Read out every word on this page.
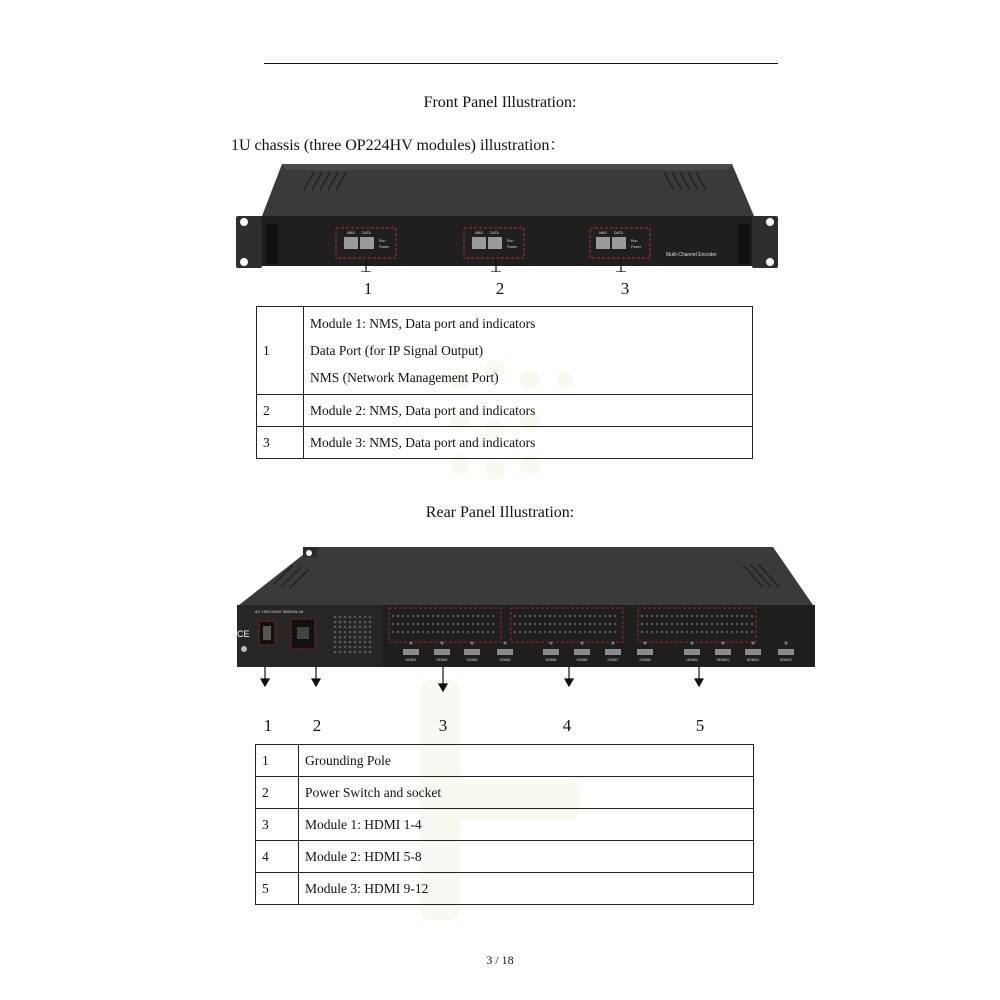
Front Panel Illustration:
1U chassis (three OP224HV modules) illustration：
NMS DATA
Run
Power
NMS DATA
Run
Power
NMS DATA
Run
Power
Multi-Channel Encoder
1	2	3
1	Module 1: NMS, Data port and indicators
Data Port (for IP Signal Output)
NMS (Network Management Port)

2	Module 2: NMS, Data port and indicators
3	Module 3: NMS, Data port and indicators
Rear Panel Illustration:
AC 100V-240V 50/60Hz 2A
CE
HDMI1	HDMI2	HDMI3	HDMI4	HDMI5	HDMI6	HDMI7	HDMI8	HDMI9	HDMI10	HDMI11	HDMI12
1	2	3	4	5
1	Grounding Pole
2	Power Switch and socket
3	Module 1: HDMI 1-4
4	Module 2: HDMI 5-8
5	Module 3: HDMI 9-12
3 / 18
